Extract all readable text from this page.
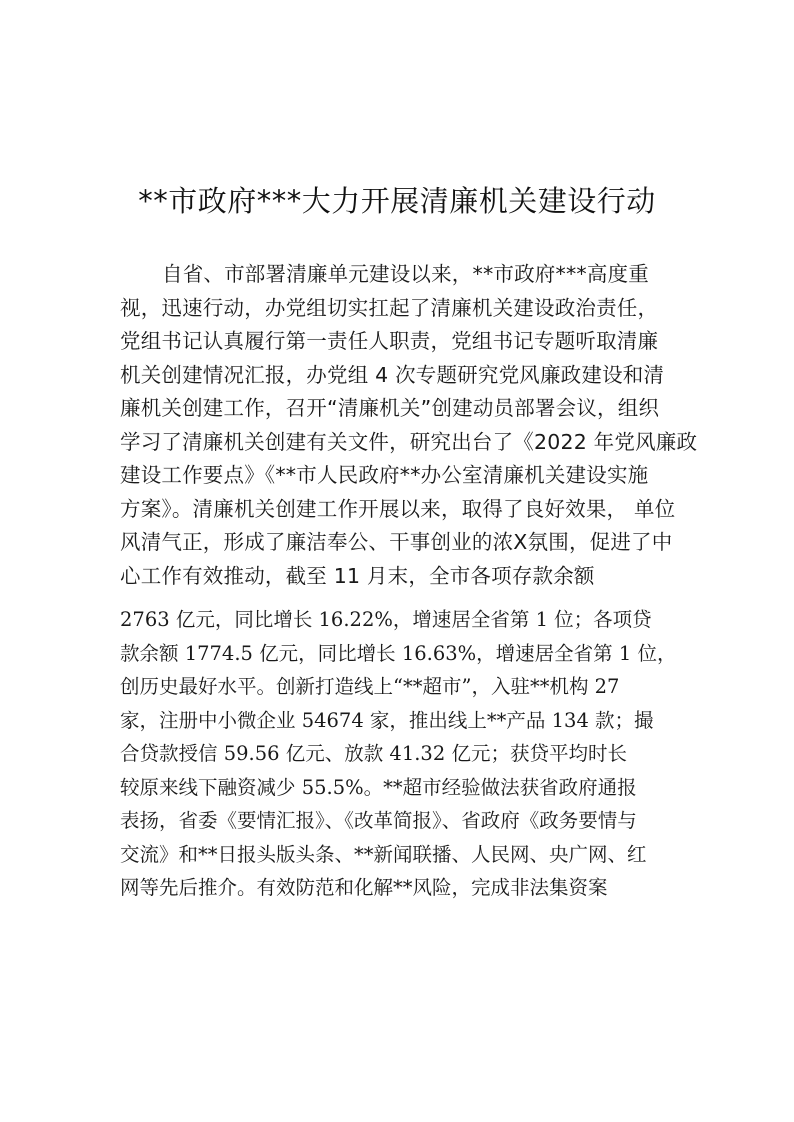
**市政府***大力开展清廉机关建设行动
自省、市部署清廉单元建设以来，**市政府***高度重
视，迅速行动，办党组切实扛起了清廉机关建设政治责任，
党组书记认真履行第一责任人职责，党组书记专题听取清廉
机关创建情况汇报，办党组 4 次专题研究党风廉政建设和清
廉机关创建工作，召开“清廉机关”创建动员部署会议，组织
学习了清廉机关创建有关文件，研究出台了《2022 年党风廉政
建设工作要点》《**市人民政府**办公室清廉机关建设实施
方案》。清廉机关创建工作开展以来，取得了良好效果， 单位
风清气正，形成了廉洁奉公、干事创业的浓X氛围，促进了中
心工作有效推动，截至 11 月末，全市各项存款余额
2763 亿元，同比增长 16.22%，增速居全省第 1 位；各项贷
款余额 1774.5 亿元，同比增长 16.63%，增速居全省第 1 位，
创历史最好水平。创新打造线上“**超市”，入驻**机构 27
家，注册中小微企业 54674 家，推出线上**产品 134 款；撮
合贷款授信 59.56 亿元、放款 41.32 亿元；获贷平均时长
较原来线下融资减少 55.5%。**超市经验做法获省政府通报
表扬，省委《要情汇报》、《改革简报》、省政府《政务要情与
交流》和**日报头版头条、**新闻联播、人民网、央广网、红
网等先后推介。有效防范和化解**风险，完成非法集资案
